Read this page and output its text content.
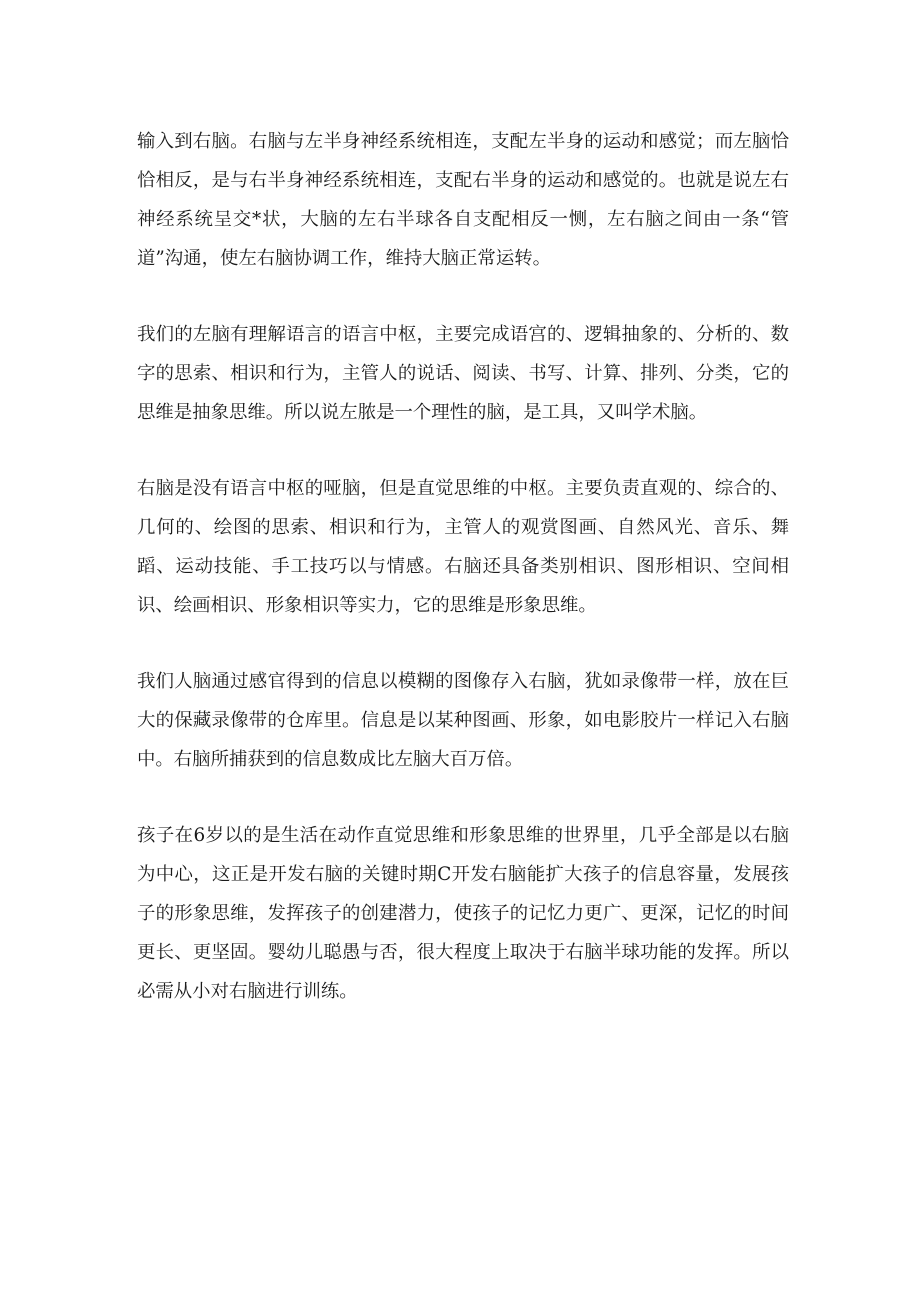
输入到右脑。右脑与左半身神经系统相连，支配左半身的运动和感觉；而左脑恰恰相反，是与右半身神经系统相连，支配右半身的运动和感觉的。也就是说左右神经系统呈交*状，大脑的左右半球各自支配相反一恻，左右脑之间由一条“管道”沟通，使左右脑协调工作，维持大脑正常运转。

我们的左脑有理解语言的语言中枢，主要完成语宫的、逻辑抽象的、分析的、数字的思索、相识和行为，主管人的说话、阅读、书写、计算、排列、分类，它的思维是抽象思维。所以说左脓是一个理性的脑，是工具，又叫学术脑。

右脑是没有语言中枢的哑脑，但是直觉思维的中枢。主要负责直观的、综合的、几何的、绘图的思索、相识和行为，主管人的观赏图画、自然风光、音乐、舞蹈、运动技能、手工技巧以与情感。右脑还具备类别相识、图形相识、空间相识、绘画相识、形象相识等实力，它的思维是形象思维。

我们人脑通过感官得到的信息以模糊的图像存入右脑，犹如录像带一样，放在巨大的保藏录像带的仓库里。信息是以某种图画、形象，如电影胶片一样记入右脑中。右脑所捕获到的信息数成比左脑大百万倍。

孩子在6岁以的是生活在动作直觉思维和形象思维的世界里，几乎全部是以右脑为中心，这正是开发右脑的关键时期C开发右脑能扩大孩子的信息容量，发展孩子的形象思维，发挥孩子的创建潜力，使孩子的记忆力更广、更深，记忆的时间更长、更坚固。婴幼儿聪愚与否，很大程度上取决于右脑半球功能的发挥。所以必需从小对右脑进行训练。
